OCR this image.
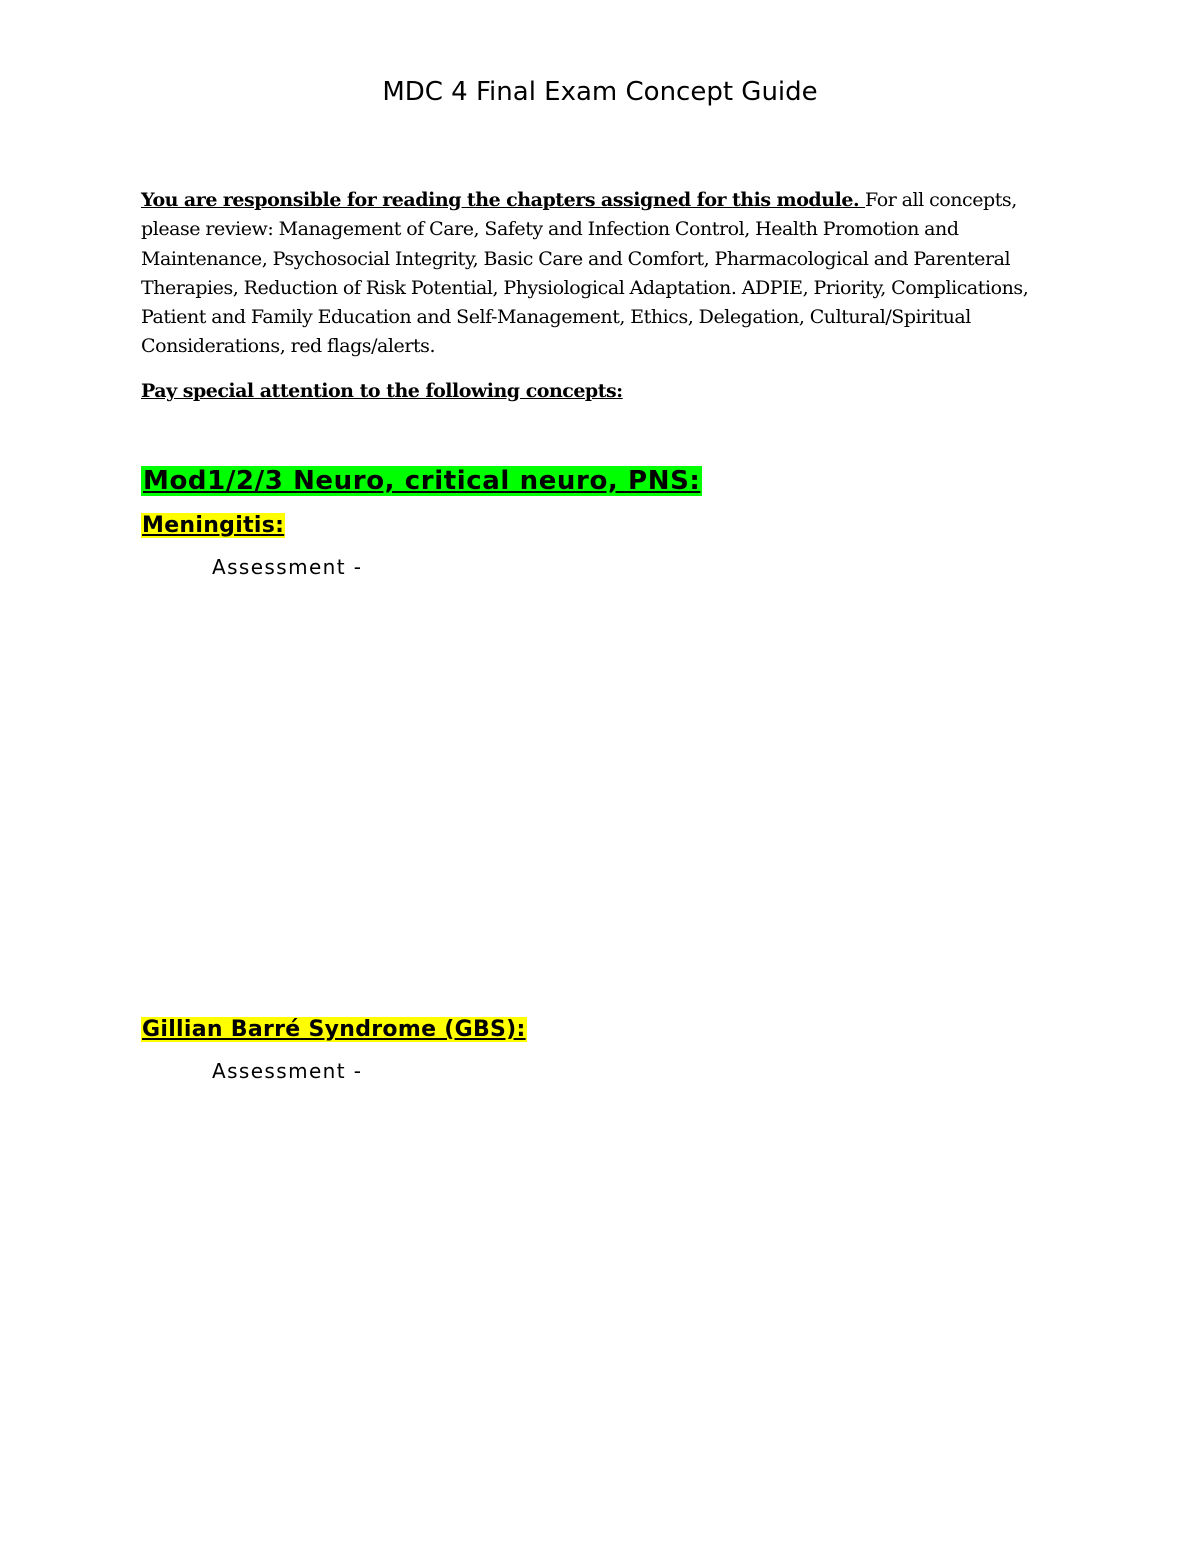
MDC 4 Final Exam Concept Guide
You are responsible for reading the chapters assigned for this module. For all concepts, please review: Management of Care, Safety and Infection Control, Health Promotion and Maintenance, Psychosocial Integrity, Basic Care and Comfort, Pharmacological and Parenteral Therapies, Reduction of Risk Potential, Physiological Adaptation. ADPIE, Priority, Complications, Patient and Family Education and Self-Management, Ethics, Delegation, Cultural/Spiritual Considerations, red flags/alerts.
Pay special attention to the following concepts:
Mod1/2/3 Neuro, critical neuro, PNS:
Meningitis:
Assessment -
Gillian Barré Syndrome (GBS):
Assessment -
